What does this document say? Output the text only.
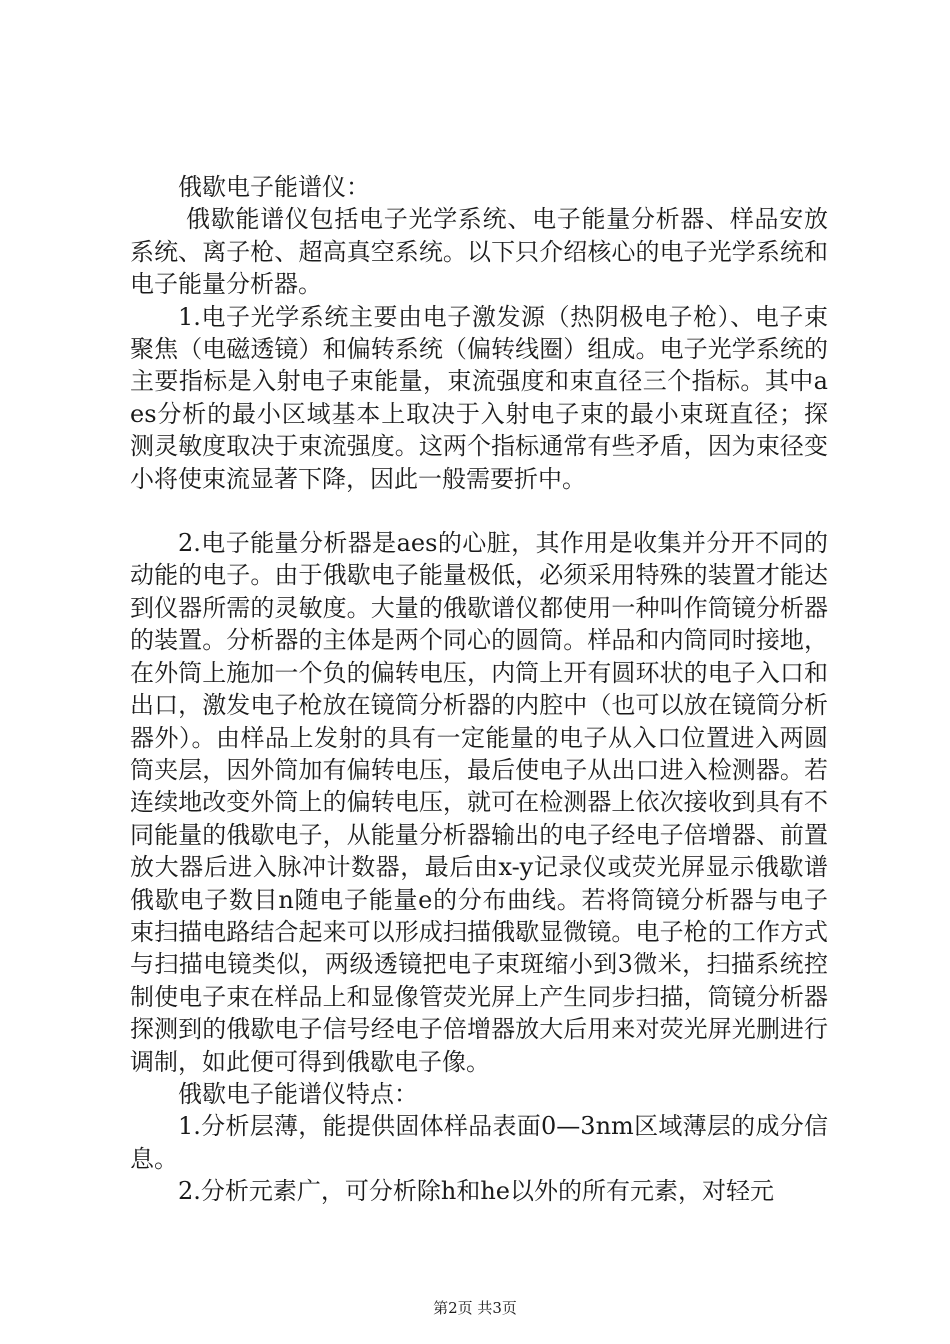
俄歇电子能谱仪：

俄歇能谱仪包括电子光学系统、电子能量分析器、样品安放系统、离子枪、超高真空系统。以下只介绍核心的电子光学系统和电子能量分析器。

1.电子光学系统主要由电子激发源（热阴极电子枪）、电子束聚焦（电磁透镜）和偏转系统（偏转线圈）组成。电子光学系统的主要指标是入射电子束能量，束流强度和束直径三个指标。其中aes分析的最小区域基本上取决于入射电子束的最小束斑直径；探测灵敏度取决于束流强度。这两个指标通常有些矛盾，因为束径变小将使束流显著下降，因此一般需要折中。

2.电子能量分析器是aes的心脏，其作用是收集并分开不同的动能的电子。由于俄歇电子能量极低，必须采用特殊的装置才能达到仪器所需的灵敏度。大量的俄歇谱仪都使用一种叫作筒镜分析器的装置。分析器的主体是两个同心的圆筒。样品和内筒同时接地，在外筒上施加一个负的偏转电压，内筒上开有圆环状的电子入口和出口，激发电子枪放在镜筒分析器的内腔中（也可以放在镜筒分析器外）。由样品上发射的具有一定能量的电子从入口位置进入两圆筒夹层，因外筒加有偏转电压，最后使电子从出口进入检测器。若连续地改变外筒上的偏转电压，就可在检测器上依次接收到具有不同能量的俄歇电子，从能量分析器输出的电子经电子倍增器、前置放大器后进入脉冲计数器，最后由x-y记录仪或荧光屏显示俄歇谱俄歇电子数目n随电子能量e的分布曲线。若将筒镜分析器与电子束扫描电路结合起来可以形成扫描俄歇显微镜。电子枪的工作方式与扫描电镜类似，两级透镜把电子束斑缩小到3微米，扫描系统控制使电子束在样品上和显像管荧光屏上产生同步扫描，筒镜分析器探测到的俄歇电子信号经电子倍增器放大后用来对荧光屏光删进行调制，如此便可得到俄歇电子像。

俄歇电子能谱仪特点：

1.分析层薄，能提供固体样品表面0—3nm区域薄层的成分信息。

2.分析元素广，可分析除h和he以外的所有元素，对轻元

第2页 共3页
